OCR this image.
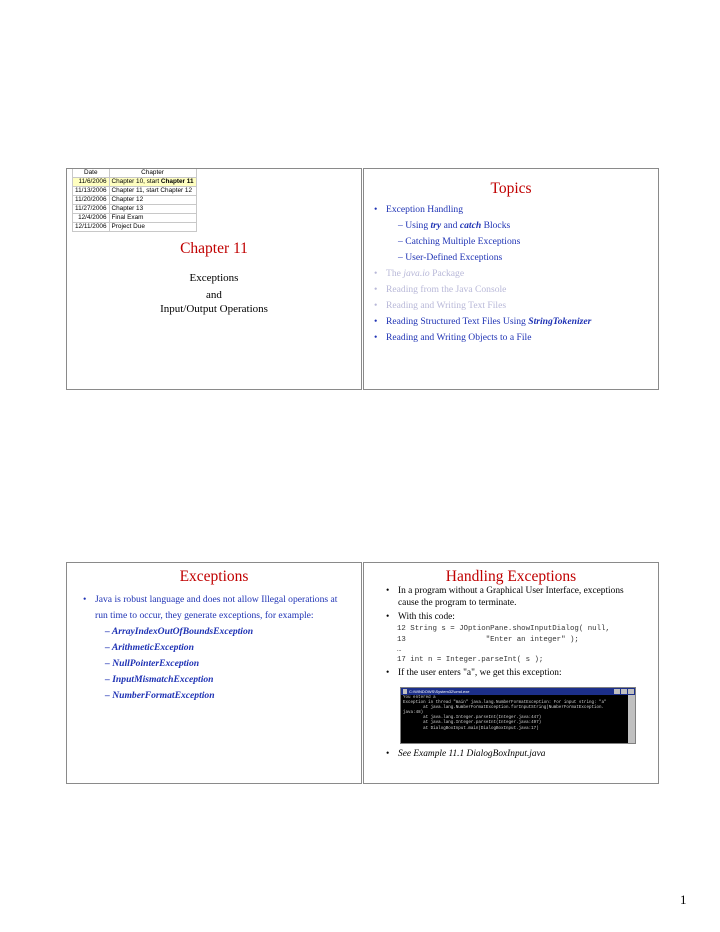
Date	Chapter
11/6/2006	Chapter 10, start Chapter 11
11/13/2006	Chapter 11, start Chapter 12
11/20/2006	Chapter 12
11/27/2006	Chapter 13
12/4/2006	Final Exam
12/11/2006	Project Due
Chapter 11
Exceptions
and
Input/Output Operations
Topics
• Exception Handling
– Using try and catch Blocks
– Catching Multiple Exceptions
– User-Defined Exceptions
• The java.io Package
• Reading from the Java Console
• Reading and Writing Text Files
• Reading Structured Text Files Using StringTokenizer
• Reading and Writing Objects to a File
Exceptions
• Java is robust language and does not allow Illegal operations at run time to occur, they generate exceptions, for example:
– ArrayIndexOutOfBoundsException
– ArithmeticException
– NullPointerException
– InputMismatchException
– NumberFormatException
Handling Exceptions
• In a program without a Graphical User Interface, exceptions cause the program to terminate.
• With this code:
12 String s = JOptionPane.showInputDialog( null,
13                  "Enter an integer" );
…
17 int n = Integer.parseInt( s );
• If the user enters "a", we get this exception:
C:\WINDOWS\System32\cmd.exe
You entered a
Exception in thread "main" java.lang.NumberFormatException: For input string: "a"
	at java.lang.NumberFormatException.forInputString(NumberFormatException.
java:48)
	at java.lang.Integer.parseInt(Integer.java:447)
	at java.lang.Integer.parseInt(Integer.java:497)
	at DialogBoxInput.main(DialogBoxInput.java:17)
• See Example 11.1 DialogBoxInput.java
1
